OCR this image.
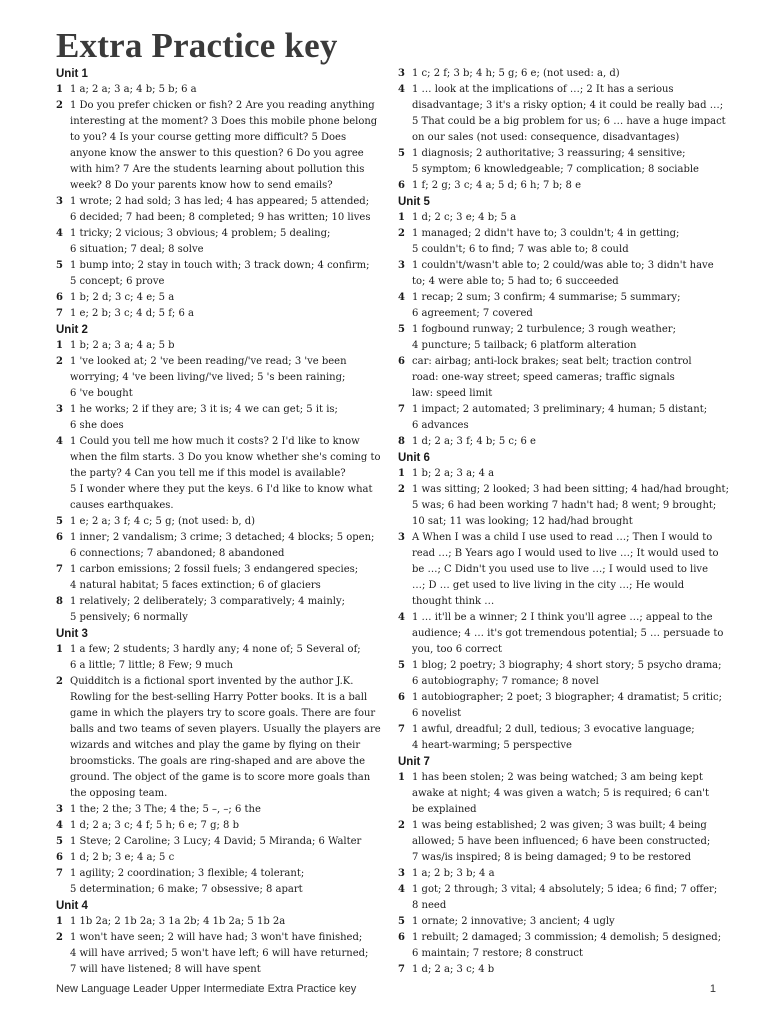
Extra Practice key
Unit 1
1 1 a; 2 a; 3 a; 4 b; 5 b; 6 a
2 1 Do you prefer chicken or fish? 2 Are you reading anything
interesting at the moment? 3 Does this mobile phone belong
to you? 4 Is your course getting more difficult? 5 Does
anyone know the answer to this question? 6 Do you agree
with him? 7 Are the students learning about pollution this
week? 8 Do your parents know how to send emails?
3 1 wrote; 2 had sold; 3 has led; 4 has appeared; 5 attended;
6 decided; 7 had been; 8 completed; 9 has written; 10 lives
4 1 tricky; 2 vicious; 3 obvious; 4 problem; 5 dealing;
6 situation; 7 deal; 8 solve
5 1 bump into; 2 stay in touch with; 3 track down; 4 confirm;
5 concept; 6 prove
6 1 b; 2 d; 3 c; 4 e; 5 a
7 1 e; 2 b; 3 c; 4 d; 5 f; 6 a
Unit 2
1 1 b; 2 a; 3 a; 4 a; 5 b
2 1 've looked at; 2 've been reading/'ve read; 3 've been
worrying; 4 've been living/'ve lived; 5 's been raining;
6 've bought
3 1 he works; 2 if they are; 3 it is; 4 we can get; 5 it is;
6 she does
4 1 Could you tell me how much it costs? 2 I'd like to know
when the film starts. 3 Do you know whether she's coming to
the party? 4 Can you tell me if this model is available?
5 I wonder where they put the keys. 6 I'd like to know what
causes earthquakes.
5 1 e; 2 a; 3 f; 4 c; 5 g; (not used: b, d)
6 1 inner; 2 vandalism; 3 crime; 3 detached; 4 blocks; 5 open;
6 connections; 7 abandoned; 8 abandoned
7 1 carbon emissions; 2 fossil fuels; 3 endangered species;
4 natural habitat; 5 faces extinction; 6 of glaciers
8 1 relatively; 2 deliberately; 3 comparatively; 4 mainly;
5 pensively; 6 normally
Unit 3
1 1 a few; 2 students; 3 hardly any; 4 none of; 5 Several of;
6 a little; 7 little; 8 Few; 9 much
2 Quidditch is a fictional sport invented by the author J.K.
Rowling for the best-selling Harry Potter books. It is a ball
game in which the players try to score goals. There are four
balls and two teams of seven players. Usually the players are
wizards and witches and play the game by flying on their
broomsticks. The goals are ring-shaped and are above the
ground. The object of the game is to score more goals than
the opposing team.
3 1 the; 2 the; 3 The; 4 the; 5 –, –; 6 the
4 1 d; 2 a; 3 c; 4 f; 5 h; 6 e; 7 g; 8 b
5 1 Steve; 2 Caroline; 3 Lucy; 4 David; 5 Miranda; 6 Walter
6 1 d; 2 b; 3 e; 4 a; 5 c
7 1 agility; 2 coordination; 3 flexible; 4 tolerant;
5 determination; 6 make; 7 obsessive; 8 apart
Unit 4
1 1 1b 2a; 2 1b 2a; 3 1a 2b; 4 1b 2a; 5 1b 2a
2 1 won't have seen; 2 will have had; 3 won't have finished;
4 will have arrived; 5 won't have left; 6 will have returned;
7 will have listened; 8 will have spent
3 1 c; 2 f; 3 b; 4 h; 5 g; 6 e; (not used: a, d)
4 1 … look at the implications of …; 2 It has a serious
disadvantage; 3 it's a risky option; 4 it could be really bad …;
5 That could be a big problem for us; 6 … have a huge impact
on our sales (not used: consequence, disadvantages)
5 1 diagnosis; 2 authoritative; 3 reassuring; 4 sensitive;
5 symptom; 6 knowledgeable; 7 complication; 8 sociable
6 1 f; 2 g; 3 c; 4 a; 5 d; 6 h; 7 b; 8 e
Unit 5
1 1 d; 2 c; 3 e; 4 b; 5 a
2 1 managed; 2 didn't have to; 3 couldn't; 4 in getting;
5 couldn't; 6 to find; 7 was able to; 8 could
3 1 couldn't/wasn't able to; 2 could/was able to; 3 didn't have
to; 4 were able to; 5 had to; 6 succeeded
4 1 recap; 2 sum; 3 confirm; 4 summarise; 5 summary;
6 agreement; 7 covered
5 1 fogbound runway; 2 turbulence; 3 rough weather;
4 puncture; 5 tailback; 6 platform alteration
6 car: airbag; anti-lock brakes; seat belt; traction control
road: one-way street; speed cameras; traffic signals
law: speed limit
7 1 impact; 2 automated; 3 preliminary; 4 human; 5 distant;
6 advances
8 1 d; 2 a; 3 f; 4 b; 5 c; 6 e
Unit 6
1 1 b; 2 a; 3 a; 4 a
2 1 was sitting; 2 looked; 3 had been sitting; 4 had/had brought;
5 was; 6 had been working 7 hadn't had; 8 went; 9 brought;
10 sat; 11 was looking; 12 had/had brought
3 A When I was a child I use used to read …; Then I would to
read …; B Years ago I would used to live …; It would used to
be …; C Didn't you used use to live …; I would used to live
…; D … get used to live living in the city …; He would
thought think …
4 1 … it'll be a winner; 2 I think you'll agree …; appeal to the
audience; 4 … it's got tremendous potential; 5 … persuade to
you, too 6 correct
5 1 blog; 2 poetry; 3 biography; 4 short story; 5 psycho drama;
6 autobiography; 7 romance; 8 novel
6 1 autobiographer; 2 poet; 3 biographer; 4 dramatist; 5 critic;
6 novelist
7 1 awful, dreadful; 2 dull, tedious; 3 evocative language;
4 heart-warming; 5 perspective
Unit 7
1 1 has been stolen; 2 was being watched; 3 am being kept
awake at night; 4 was given a watch; 5 is required; 6 can't
be explained
2 1 was being established; 2 was given; 3 was built; 4 being
allowed; 5 have been influenced; 6 have been constructed;
7 was/is inspired; 8 is being damaged; 9 to be restored
3 1 a; 2 b; 3 b; 4 a
4 1 got; 2 through; 3 vital; 4 absolutely; 5 idea; 6 find; 7 offer;
8 need
5 1 ornate; 2 innovative; 3 ancient; 4 ugly
6 1 rebuilt; 2 damaged; 3 commission; 4 demolish; 5 designed;
6 maintain; 7 restore; 8 construct
7 1 d; 2 a; 3 c; 4 b
New Language Leader Upper Intermediate Extra Practice key	1
